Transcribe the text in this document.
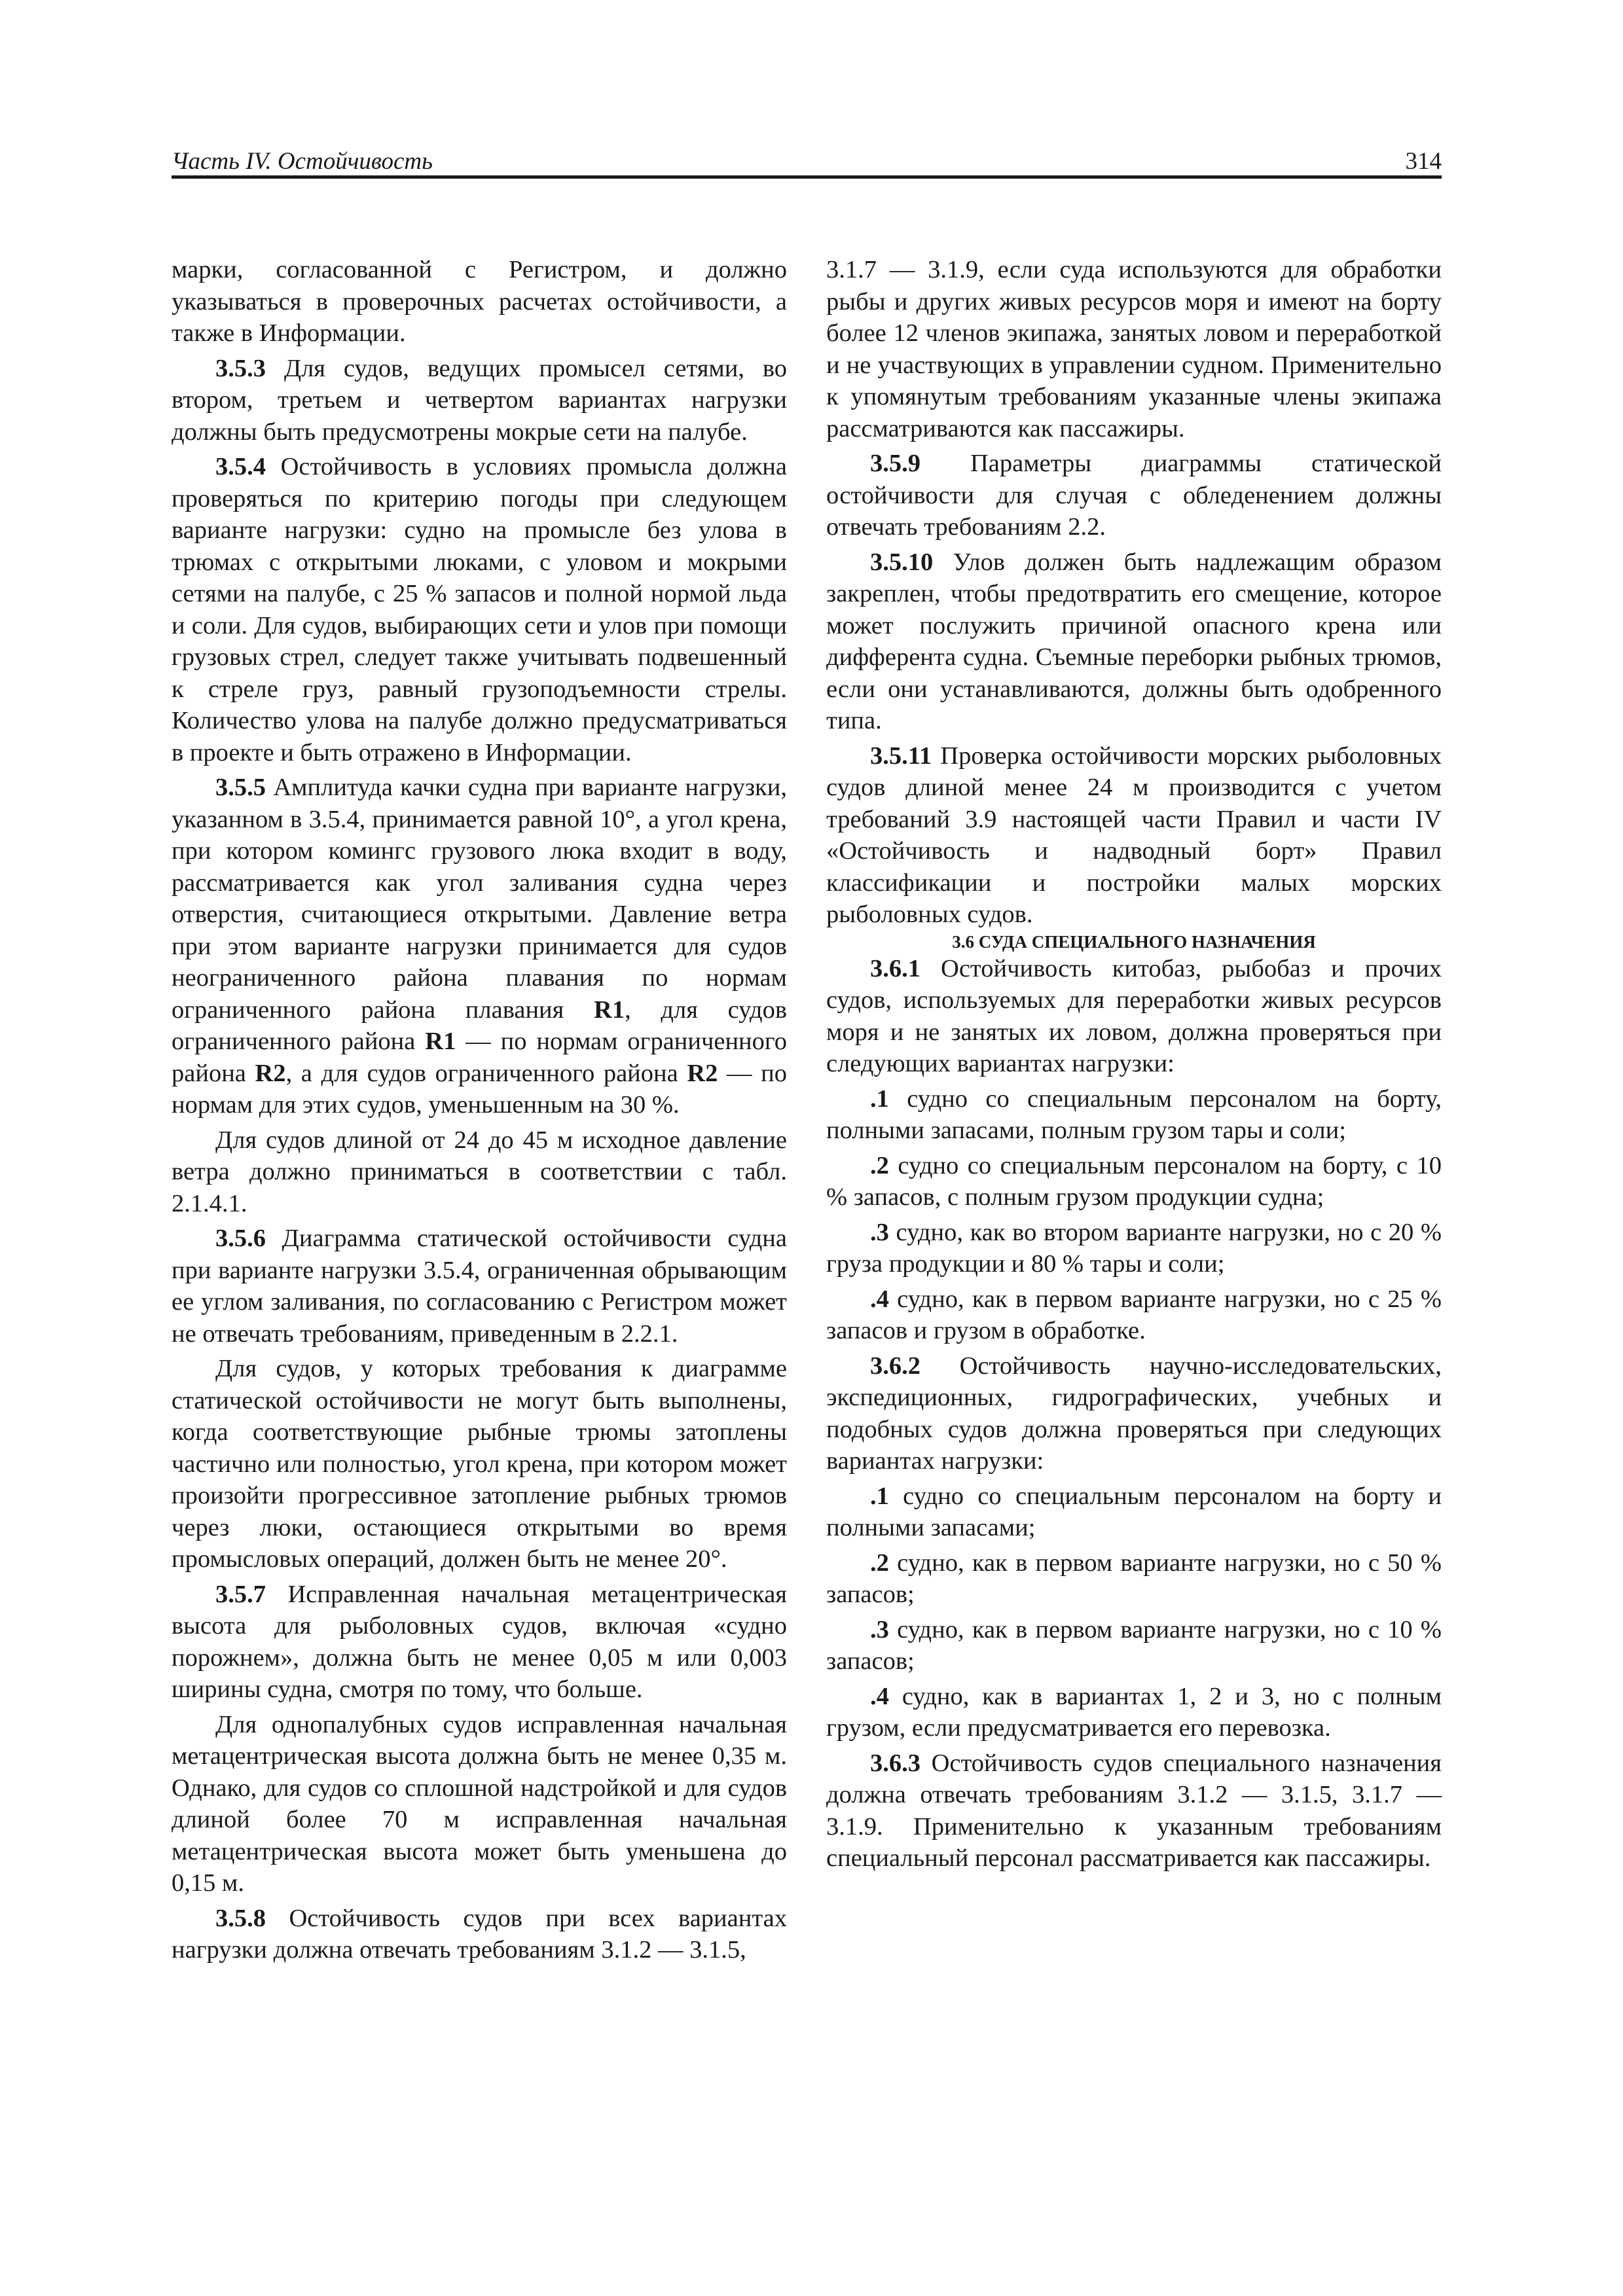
Часть IV. Остойчивость	314

марки, согласованной с Регистром, и должно указываться в проверочных расчетах остойчивости, а также в Информации.

3.5.3 Для судов, ведущих промысел сетями, во втором, третьем и четвертом вариантах нагрузки должны быть предусмотрены мокрые сети на палубе.

3.5.4 Остойчивость в условиях промысла должна проверяться по критерию погоды при следующем варианте нагрузки: судно на промысле без улова в трюмах с открытыми люками, с уловом и мокрыми сетями на палубе, с 25 % запасов и полной нормой льда и соли. Для судов, выбирающих сети и улов при помощи грузовых стрел, следует также учитывать подвешенный к стреле груз, равный грузоподъемности стрелы. Количество улова на палубе должно предусматриваться в проекте и быть отражено в Информации.

3.5.5 Амплитуда качки судна при варианте нагрузки, указанном в 3.5.4, принимается равной 10°, а угол крена, при котором комингс грузового люка входит в воду, рассматривается как угол заливания судна через отверстия, считающиеся открытыми. Давление ветра при этом варианте нагрузки принимается для судов неограниченного района плавания по нормам ограниченного района плавания R1, для судов ограниченного района R1 — по нормам ограниченного района R2, а для судов ограниченного района R2 — по нормам для этих судов, уменьшенным на 30 %.

Для судов длиной от 24 до 45 м исходное давление ветра должно приниматься в соответствии с табл. 2.1.4.1.

3.5.6 Диаграмма статической остойчивости судна при варианте нагрузки 3.5.4, ограниченная обрывающим ее углом заливания, по согласованию с Регистром может не отвечать требованиям, приведенным в 2.2.1.

Для судов, у которых требования к диаграмме статической остойчивости не могут быть выполнены, когда соответствующие рыбные трюмы затоплены частично или полностью, угол крена, при котором может произойти прогрессивное затопление рыбных трюмов через люки, остающиеся открытыми во время промысловых операций, должен быть не менее 20°.

3.5.7 Исправленная начальная метацентрическая высота для рыболовных судов, включая «судно порожнем», должна быть не менее 0,05 м или 0,003 ширины судна, смотря по тому, что больше.

Для однопалубных судов исправленная начальная метацентрическая высота должна быть не менее 0,35 м. Однако, для судов со сплошной надстройкой и для судов длиной более 70 м исправленная начальная метацентрическая высота может быть уменьшена до 0,15 м.

3.5.8 Остойчивость судов при всех вариантах нагрузки должна отвечать требованиям 3.1.2 — 3.1.5,

3.1.7 — 3.1.9, если суда используются для обработки рыбы и других живых ресурсов моря и имеют на борту более 12 членов экипажа, занятых ловом и переработкой и не участвующих в управлении судном. Применительно к упомянутым требованиям указанные члены экипажа рассматриваются как пассажиры.

3.5.9 Параметры диаграммы статической остойчивости для случая с обледенением должны отвечать требованиям 2.2.

3.5.10 Улов должен быть надлежащим образом закреплен, чтобы предотвратить его смещение, которое может послужить причиной опасного крена или дифферента судна. Съемные переборки рыбных трюмов, если они устанавливаются, должны быть одобренного типа.

3.5.11 Проверка остойчивости морских рыболовных судов длиной менее 24 м производится с учетом требований 3.9 настоящей части Правил и части IV «Остойчивость и надводный борт» Правил классификации и постройки малых морских рыболовных судов.

3.6 СУДА СПЕЦИАЛЬНОГО НАЗНАЧЕНИЯ

3.6.1 Остойчивость китобаз, рыбобаз и прочих судов, используемых для переработки живых ресурсов моря и не занятых их ловом, должна проверяться при следующих вариантах нагрузки:

.1 судно со специальным персоналом на борту, полными запасами, полным грузом тары и соли;

.2 судно со специальным персоналом на борту, с 10 % запасов, с полным грузом продукции судна;

.3 судно, как во втором варианте нагрузки, но с 20 % груза продукции и 80 % тары и соли;

.4 судно, как в первом варианте нагрузки, но с 25 % запасов и грузом в обработке.

3.6.2 Остойчивость научно-исследовательских, экспедиционных, гидрографических, учебных и подобных судов должна проверяться при следующих вариантах нагрузки:

.1 судно со специальным персоналом на борту и полными запасами;

.2 судно, как в первом варианте нагрузки, но с 50 % запасов;

.3 судно, как в первом варианте нагрузки, но с 10 % запасов;

.4 судно, как в вариантах 1, 2 и 3, но с полным грузом, если предусматривается его перевозка.

3.6.3 Остойчивость судов специального назначения должна отвечать требованиям 3.1.2 — 3.1.5, 3.1.7 — 3.1.9. Применительно к указанным требованиям специальный персонал рассматривается как пассажиры.
